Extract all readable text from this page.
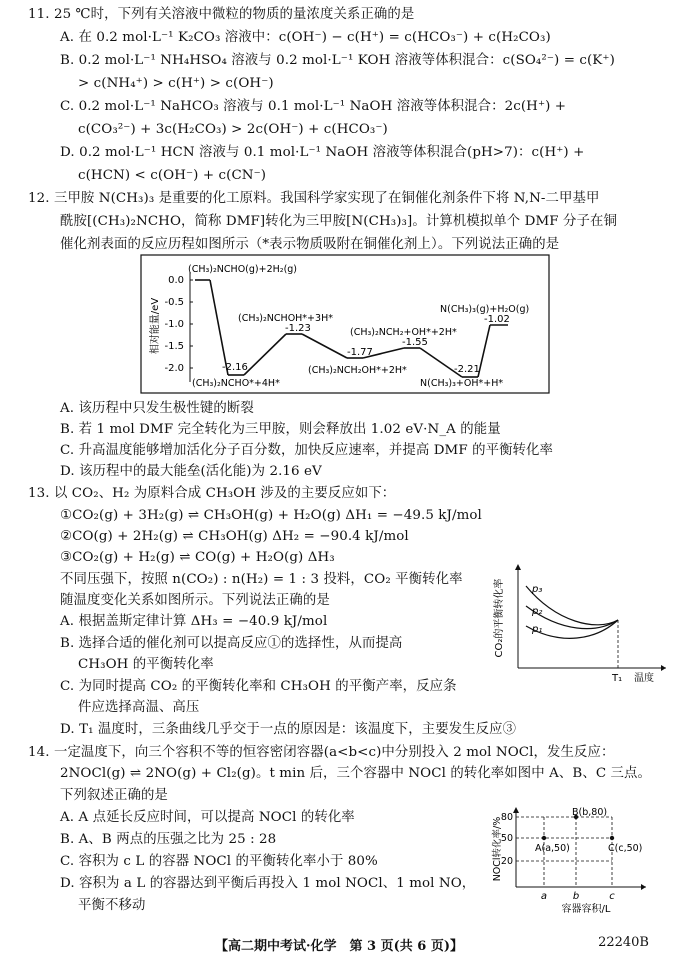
11. 25 ℃时，下列有关溶液中微粒的物质的量浓度关系正确的是
A. 在 0.2 mol·L⁻¹ K₂CO₃ 溶液中：c(OH⁻) − c(H⁺) = c(HCO₃⁻) + c(H₂CO₃)
B. 0.2 mol·L⁻¹ NH₄HSO₄ 溶液与 0.2 mol·L⁻¹ KOH 溶液等体积混合：c(SO₄²⁻) = c(K⁺)
> c(NH₄⁺) > c(H⁺) > c(OH⁻)
C. 0.2 mol·L⁻¹ NaHCO₃ 溶液与 0.1 mol·L⁻¹ NaOH 溶液等体积混合：2c(H⁺) +
c(CO₃²⁻) + 3c(H₂CO₃) > 2c(OH⁻) + c(HCO₃⁻)
D. 0.2 mol·L⁻¹ HCN 溶液与 0.1 mol·L⁻¹ NaOH 溶液等体积混合(pH>7)：c(H⁺) +
c(HCN) < c(OH⁻) + c(CN⁻)
12. 三甲胺 N(CH₃)₃ 是重要的化工原料。我国科学家实现了在铜催化剂条件下将 N,N-二甲基甲
酰胺[(CH₃)₂NCHO，简称 DMF]转化为三甲胺[N(CH₃)₃]。计算机模拟单个 DMF 分子在铜
催化剂表面的反应历程如图所示（*表示物质吸附在铜催化剂上）。下列说法正确的是
相对能量/eV
0.0
-0.5
-1.0
-1.5
-2.0
(CH₃)₂NCHO(g)+2H₂(g)
(CH₃)₂NCHO*+4H*
(CH₃)₂NCHOH*+3H*
(CH₃)₂NCH₂OH*+2H*
(CH₃)₂NCH₂+OH*+2H*
N(CH₃)₃+OH*+H*
N(CH₃)₃(g)+H₂O(g)
-2.16
-1.23
-1.77
-1.55
-2.21
-1.02
A. 该历程中只发生极性键的断裂
B. 若 1 mol DMF 完全转化为三甲胺，则会释放出 1.02 eV·N_A 的能量
C. 升高温度能够增加活化分子百分数，加快反应速率，并提高 DMF 的平衡转化率
D. 该历程中的最大能垒(活化能)为 2.16 eV
13. 以 CO₂、H₂ 为原料合成 CH₃OH 涉及的主要反应如下：
①CO₂(g) + 3H₂(g) ⇌ CH₃OH(g) + H₂O(g) ΔH₁ = −49.5 kJ/mol
②CO(g) + 2H₂(g) ⇌ CH₃OH(g) ΔH₂ = −90.4 kJ/mol
③CO₂(g) + H₂(g) ⇌ CO(g) + H₂O(g) ΔH₃
不同压强下，按照 n(CO₂) : n(H₂) = 1 : 3 投料，CO₂ 平衡转化率
随温度变化关系如图所示。下列说法正确的是
A. 根据盖斯定律计算 ΔH₃ = −40.9 kJ/mol
B. 选择合适的催化剂可以提高反应①的选择性，从而提高
CH₃OH 的平衡转化率
C. 为同时提高 CO₂ 的平衡转化率和 CH₃OH 的平衡产率，反应条
件应选择高温、高压
D. T₁ 温度时，三条曲线几乎交于一点的原因是：该温度下，主要发生反应③
CO₂的平衡转化率	p₃
p₂
p₁
T₁ 温度
14. 一定温度下，向三个容积不等的恒容密闭容器(a<b<c)中分别投入 2 mol NOCl，发生反应：
2NOCl(g) ⇌ 2NO(g) + Cl₂(g)。t min 后，三个容器中 NOCl 的转化率如图中 A、B、C 三点。
下列叙述正确的是
A. A 点延长反应时间，可以提高 NOCl 的转化率
B. A、B 两点的压强之比为 25 : 28
C. 容积为 c L 的容器 NOCl 的平衡转化率小于 80%
D. 容积为 a L 的容器达到平衡后再投入 1 mol NOCl、1 mol NO，
平衡不移动
NOCl转化率/%
80
50
20
a	b	c
A(a,50)
B(b,80)
C(c,50)
容器容积/L
【高二期中考试·化学　第 3 页(共 6 页)】	22240B
